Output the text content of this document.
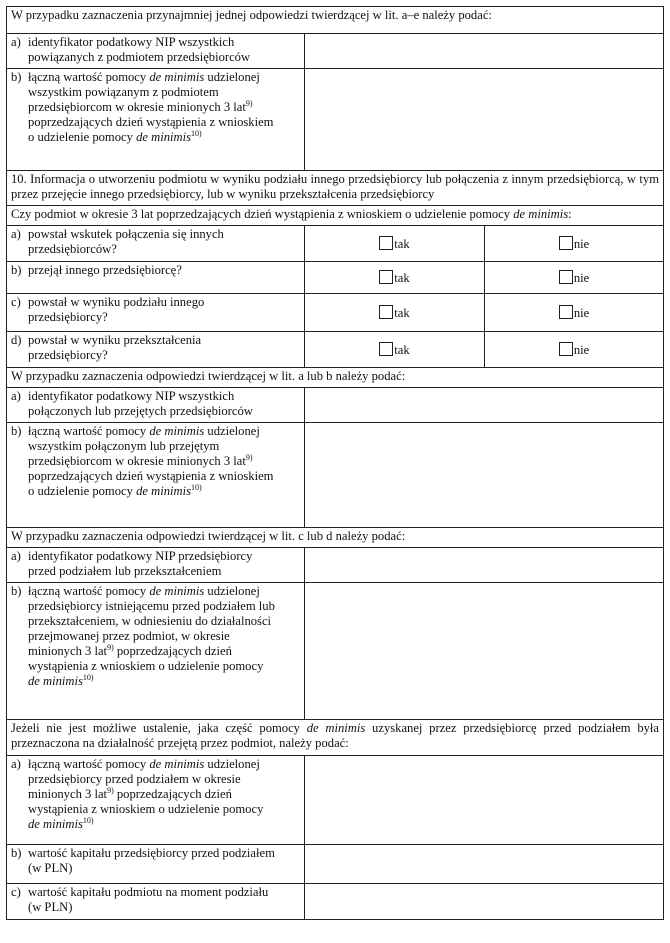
W przypadku zaznaczenia przynajmniej jednej odpowiedzi twierdzącej w lit. a–e należy podać:		
a) identyfikator podatkowy NIP wszystkich powiązanych z podmiotem przedsiębiorców		
b) łączną wartość pomocy de minimis udzielonej wszystkim powiązanym z podmiotem przedsiębiorcom w okresie minionych 3 lat$^{9)}$ poprzedzających dzień wystąpienia z wnioskiem o udzielenie pomocy de minimis$^{10)}$	
10. Informacja o utworzeniu podmiotu w wyniku podziału innego przedsiębiorcy lub połączenia z innym przedsiębiorcą, w tym przez przejęcie innego przedsiębiorcy, lub w wyniku przekształcenia przedsiębiorcy		
Czy podmiot w okresie 3 lat poprzedzających dzień wystąpienia z wnioskiem o udzielenie pomocy de minimis:		
a) powstał wskutek połączenia się innych przedsiębiorców?	tak	nie
b) przejął innego przedsiębiorcę?	tak	nie
c) powstał w wyniku podziału innego przedsiębiorcy?	tak	nie
d) powstał w wyniku przekształcenia przedsiębiorcy?	tak	nie
W przypadku zaznaczenia odpowiedzi twierdzącej w lit. a lub b należy podać:		
a) identyfikator podatkowy NIP wszystkich połączonych lub przejętych przedsiębiorców		
b) łączną wartość pomocy de minimis udzielonej wszystkim połączonym lub przejętym przedsiębiorcom w okresie minionych 3 lat$^{9)}$ poprzedzających dzień wystąpienia z wnioskiem o udzielenie pomocy de minimis$^{10)}$	
W przypadku zaznaczenia odpowiedzi twierdzącej w lit. c lub d należy podać:		
a) identyfikator podatkowy NIP przedsiębiorcy przed podziałem lub przekształceniem		
b) łączną wartość pomocy de minimis udzielonej przedsiębiorcy istniejącemu przed podziałem lub przekształceniem, w odniesieniu do działalności przejmowanej przez podmiot, w okresie minionych 3 lat$^{9)}$ poprzedzających dzień wystąpienia z wnioskiem o udzielenie pomocy de minimis$^{10)}$	
Jeżeli nie jest możliwe ustalenie, jaka część pomocy de minimis uzyskanej przez przedsiębiorcę przed podziałem była przeznaczona na działalność przejętą przez podmiot, należy podać:		
a) łączną wartość pomocy de minimis udzielonej przedsiębiorcy przed podziałem w okresie minionych 3 lat$^{9)}$ poprzedzających dzień wystąpienia z wnioskiem o udzielenie pomocy de minimis$^{10)}$	
b) wartość kapitału przedsiębiorcy przed podziałem (w PLN)		
c) wartość kapitału podmiotu na moment podziału (w PLN)		
